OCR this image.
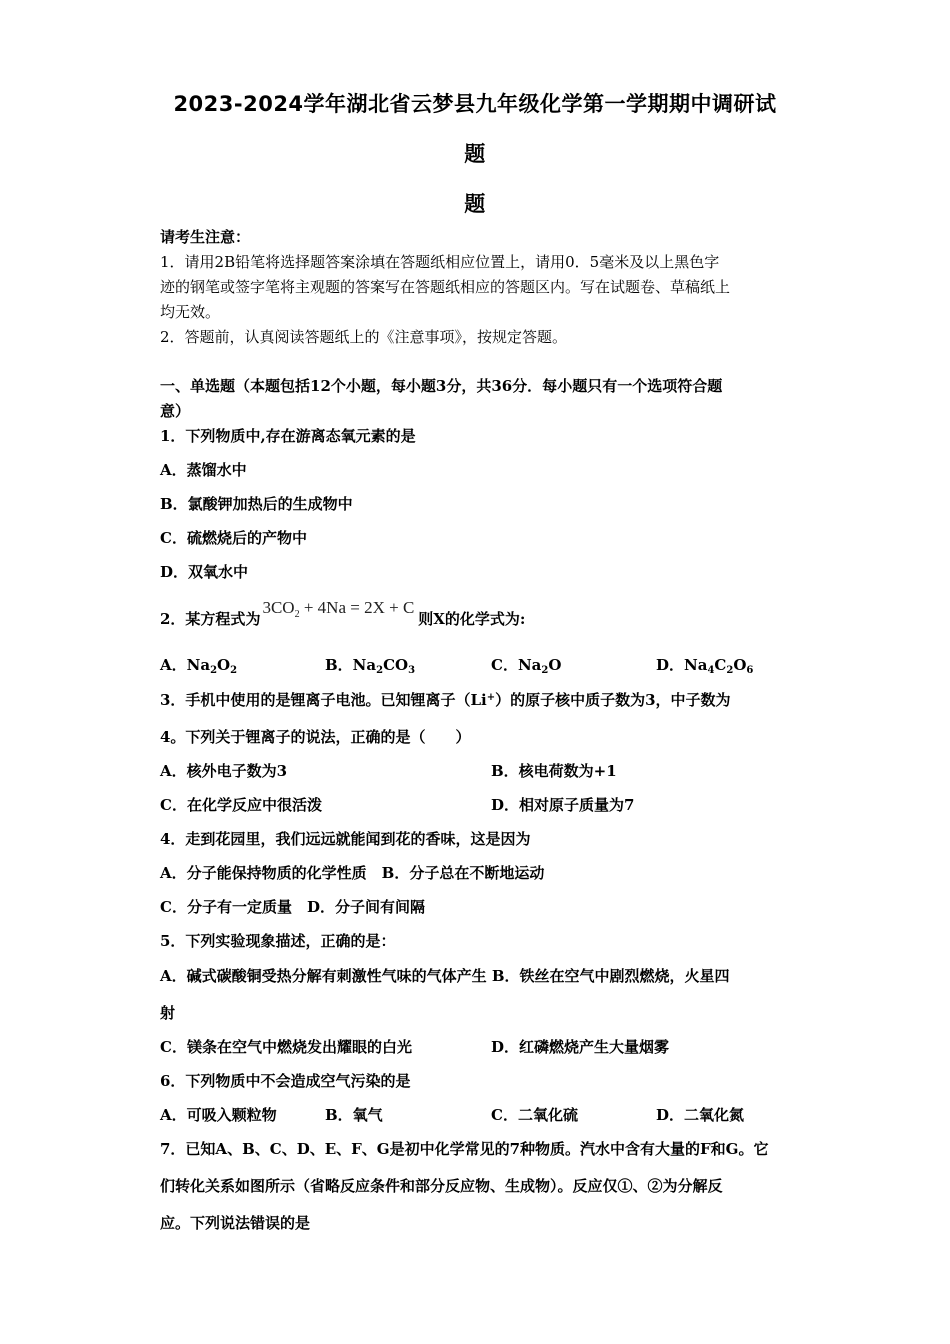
2023-2024学年湖北省云梦县九年级化学第一学期期中调研试
题
题
请考生注意：
1．请用2B铅笔将选择题答案涂填在答题纸相应位置上，请用0．5毫米及以上黑色字
迹的钢笔或签字笔将主观题的答案写在答题纸相应的答题区内。写在试题卷、草稿纸上
均无效。
2．答题前，认真阅读答题纸上的《注意事项》，按规定答题。
一、单选题（本题包括12个小题，每小题3分，共36分．每小题只有一个选项符合题
意）
1．下列物质中,存在游离态氧元素的是
A．蒸馏水中
B．氯酸钾加热后的生成物中
C．硫燃烧后的产物中
D．双氧水中
2．某方程式为$3CO_2 + 4Na = 2X + C$则X的化学式为:
A．$Na_2O_2$	B．$Na_2CO_3$	C．$Na_2O$	D．$Na_4C_2O_6$
3．手机中使用的是锂离子电池。已知锂离子（Li+）的原子核中质子数为3，中子数为
4。下列关于锂离子的说法，正确的是（　　）
A．核外电子数为3	B．核电荷数为+1
C．在化学反应中很活泼	D．相对原子质量为7
4．走到花园里，我们远远就能闻到花的香味，这是因为
A．分子能保持物质的化学性质　B．分子总在不断地运动
C．分子有一定质量　D．分子间有间隔
5．下列实验现象描述，正确的是：
A．碱式碳酸铜受热分解有刺激性气味的气体产生 B．铁丝在空气中剧烈燃烧，火星四
射
C．镁条在空气中燃烧发出耀眼的白光	D．红磷燃烧产生大量烟雾
6．下列物质中不会造成空气污染的是
A．可吸入颗粒物	B．氧气	C．二氧化硫	D．二氧化氮
7．已知A、B、C、D、E、F、G是初中化学常见的7种物质。汽水中含有大量的F和G。它
们转化关系如图所示（省略反应条件和部分反应物、生成物）。反应仅①、②为分解反
应。下列说法错误的是
